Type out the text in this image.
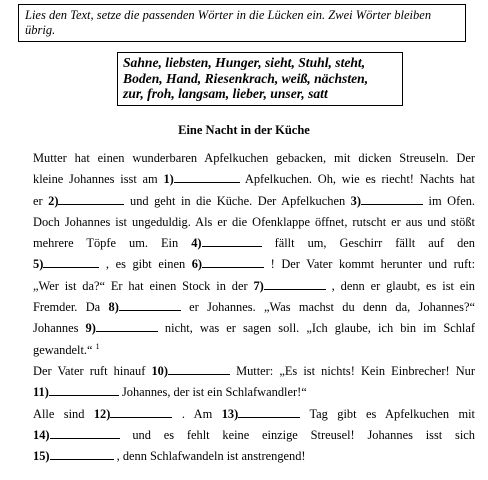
Lies den Text, setze die passenden Wörter in die Lücken ein. Zwei Wörter bleiben übrig.
Sahne, liebsten, Hunger, sieht, Stuhl, steht,
Boden, Hand, Riesenkrach, weiß, nächsten,
zur, froh, langsam, lieber, unser, satt
Eine Nacht in der Küche
Mutter hat einen wunderbaren Apfelkuchen gebacken, mit dicken Streuseln. Der
kleine Johannes isst am 1)	Apfelkuchen. Oh, wie es riecht! Nachts hat
er 2)	und geht in die Küche. Der Apfelkuchen 3)	im Ofen.
Doch Johannes ist ungeduldig. Als er die Ofenklappe öffnet, rutscht er aus und stößt
mehrere Töpfe um. Ein 4)	fällt um, Geschirr fällt auf den
5)	, es gibt einen 6)	! Der Vater kommt herunter und ruft:
„Wer ist da?“ Er hat einen Stock in der 7)	, denn er glaubt, es ist ein
Fremder. Da 8)	er Johannes. „Was machst du denn da, Johannes?“
Johannes 9)	nicht, was er sagen soll. „Ich glaube, ich bin im Schlaf
gewandelt.“ $^1$
Der Vater ruft hinauf 10)	Mutter: „Es ist nichts! Kein Einbrecher! Nur
11)	Johannes, der ist ein Schlafwandler!“
Alle sind 12)	. Am 13)	Tag gibt es Apfelkuchen mit
14)	und es fehlt keine einzige Streusel! Johannes isst sich
15)	, denn Schlafwandeln ist anstrengend!
